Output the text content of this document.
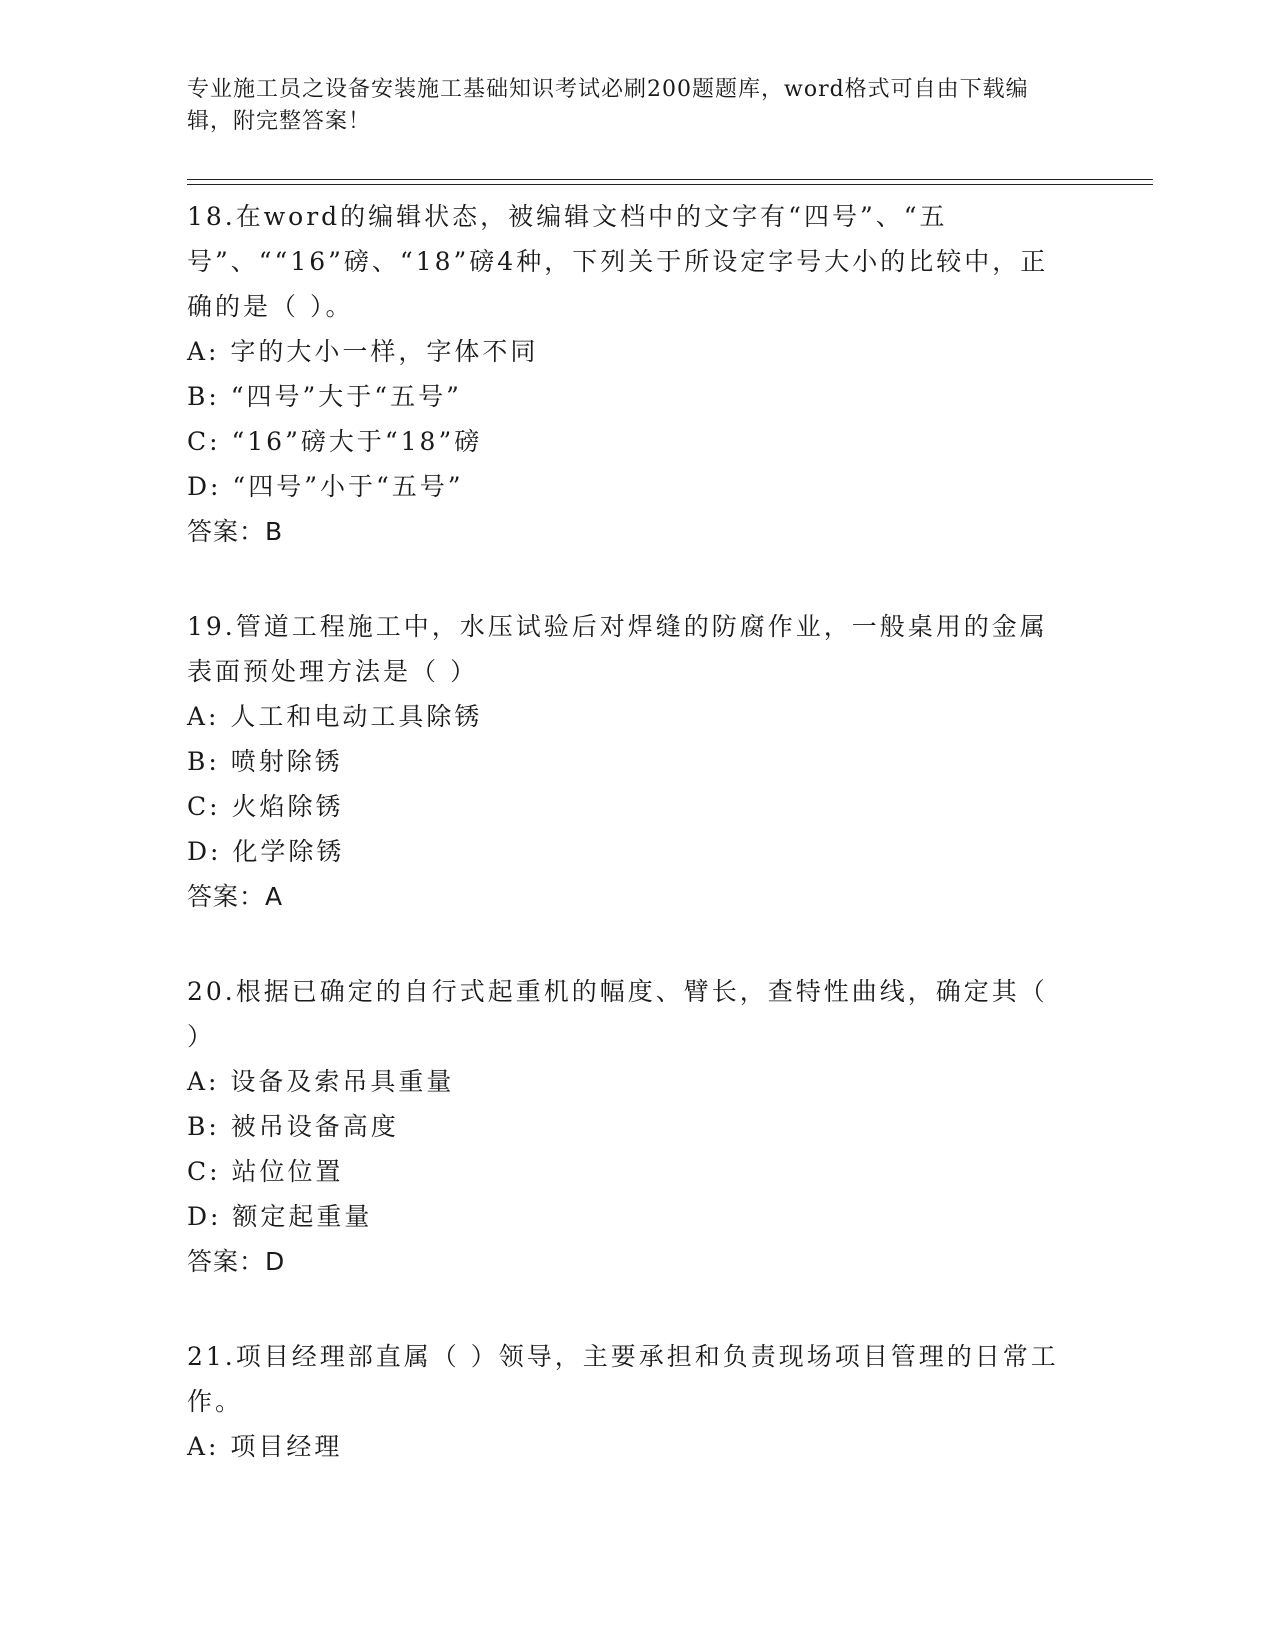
专业施工员之设备安装施工基础知识考试必刷200题题库，word格式可自由下载编辑，附完整答案！

18.在word的编辑状态，被编辑文档中的文字有“四号”、“五号”、““16”磅、“18”磅4种，下列关于所设定字号大小的比较中，正确的是（ ）。

A: 字的大小一样，字体不同

B: “四号”大于“五号”

C: “16”磅大于“18”磅

D: “四号”小于“五号”

答案：B

19.管道工程施工中，水压试验后对焊缝的防腐作业，一般桌用的金属表面预处理方法是（ ）

A: 人工和电动工具除锈

B: 喷射除锈

C: 火焰除锈

D: 化学除锈

答案：A

20.根据已确定的自行式起重机的幅度、臂长，查特性曲线，确定其（ ）

A: 设备及索吊具重量

B: 被吊设备高度

C: 站位位置

D: 额定起重量

答案：D

21.项目经理部直属（ ）领导，主要承担和负责现场项目管理的日常工作。

A: 项目经理
